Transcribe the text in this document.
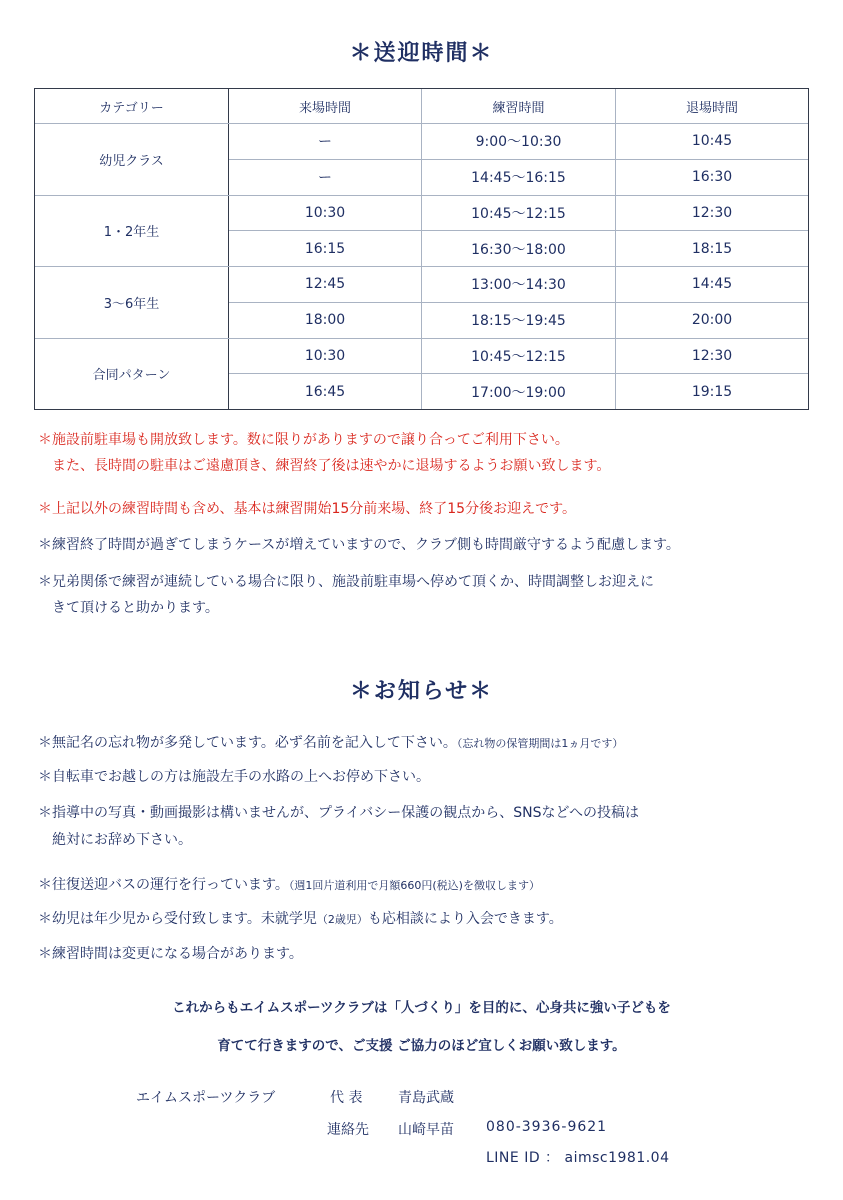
＊送迎時間＊
カテゴリー	来場時間	練習時間	退場時間
幼児クラス	ー	9:00〜10:30	10:45
	ー	14:45〜16:15	16:30
1・2年生	10:30	10:45〜12:15	12:30
	16:15	16:30〜18:00	18:15
3〜6年生	12:45	13:00〜14:30	14:45
	18:00	18:15〜19:45	20:00
合同パターン	10:30	10:45〜12:15	12:30
	16:45	17:00〜19:00	19:15
＊施設前駐車場も開放致します。数に限りがありますので譲り合ってご利用下さい。
また、長時間の駐車はご遠慮頂き、練習終了後は速やかに退場するようお願い致します。
＊上記以外の練習時間も含め、基本は練習開始15分前来場、終了15分後お迎えです。
＊練習終了時間が過ぎてしまうケースが増えていますので、クラブ側も時間厳守するよう配慮します。
＊兄弟関係で練習が連続している場合に限り、施設前駐車場へ停めて頂くか、時間調整しお迎えに
きて頂けると助かります。
＊お知らせ＊
＊無記名の忘れ物が多発しています。必ず名前を記入して下さい。（忘れ物の保管期間は1ヵ月です）
＊自転車でお越しの方は施設左手の水路の上へお停め下さい。
＊指導中の写真・動画撮影は構いませんが、プライバシー保護の観点から、SNSなどへの投稿は
絶対にお辞め下さい。
＊往復送迎バスの運行を行っています。（週1回片道利用で月額660円(税込)を徴収します）
＊幼児は年少児から受付致します。未就学児（2歳児）も応相談により入会できます。
＊練習時間は変更になる場合があります。
これからもエイムスポーツクラブは「人づくり」を目的に、心身共に強い子どもを
育てて行きますので、ご支援 ご協力のほど宜しくお願い致します。
エイムスポーツクラブ	代 表	青島武蔵
連絡先 山崎早苗 080-3936-9621
LINE ID ： aimsc1981.04
